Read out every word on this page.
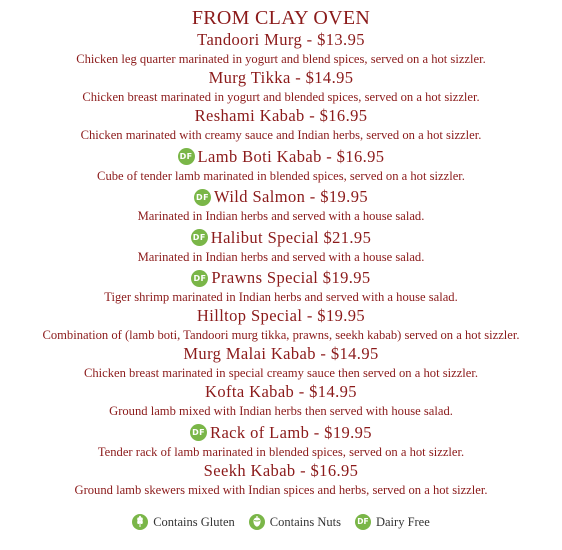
FROM CLAY OVEN
Tandoori Murg - $13.95
Chicken leg quarter marinated in yogurt and blend spices, served on a hot sizzler.
Murg Tikka - $14.95
Chicken breast marinated in yogurt and blended spices, served on a hot sizzler.
Reshami Kabab - $16.95
Chicken marinated with creamy sauce and Indian herbs, served on a hot sizzler.
DF Lamb Boti Kabab - $16.95
Cube of tender lamb marinated in blended spices, served on a hot sizzler.
DF Wild Salmon - $19.95
Marinated in Indian herbs and served with a house salad.
DF Halibut Special $21.95
Marinated in Indian herbs and served with a house salad.
DF Prawns Special $19.95
Tiger shrimp marinated in Indian herbs and served with a house salad.
Hilltop Special - $19.95
Combination of (lamb boti, Tandoori murg tikka, prawns, seekh kabab) served on a hot sizzler.
Murg Malai Kabab - $14.95
Chicken breast marinated in special creamy sauce then served on a hot sizzler.
Kofta Kabab - $14.95
Ground lamb mixed with Indian herbs then served with house salad.
DF Rack of Lamb - $19.95
Tender rack of lamb marinated in blended spices, served on a hot sizzler.
Seekh Kabab - $16.95
Ground lamb skewers mixed with Indian spices and herbs, served on a hot sizzler.
Contains Gluten	Contains Nuts	DF Dairy Free
